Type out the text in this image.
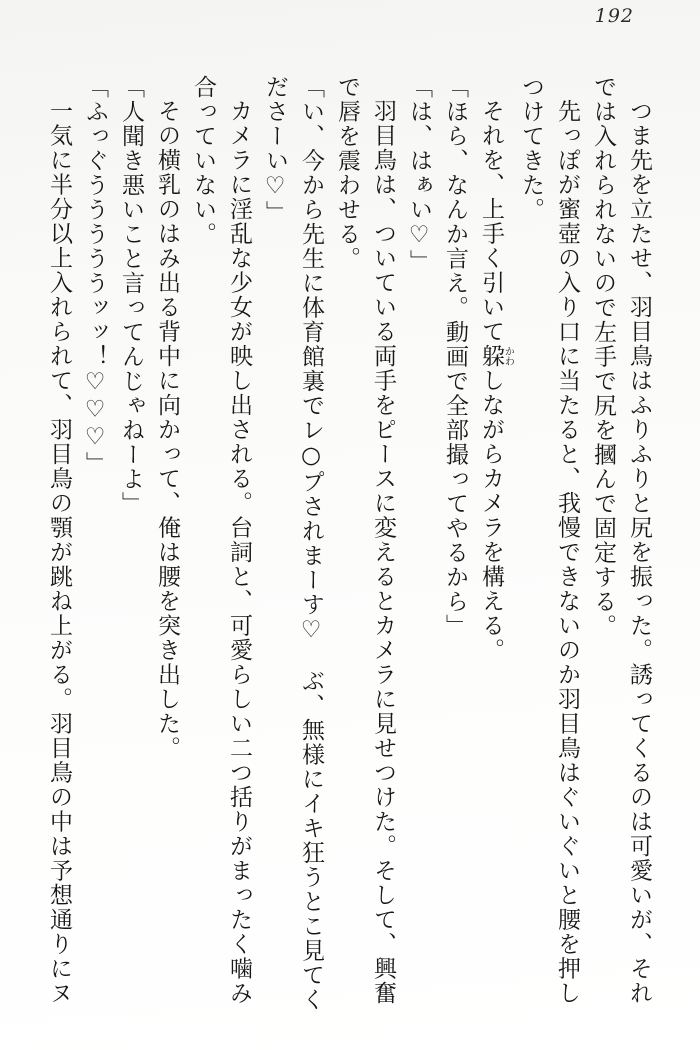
192

つま先を立たせ、羽目鳥はふりふりと尻を振った。誘ってくるのは可愛いが、それ

では入れられないので左手で尻を摑んで固定する。

先っぽが蜜壺の入り口に当たると、我慢できないのか羽目鳥はぐいぐいと腰を押し

つけてきた。

それを、上手く引いて躱かわしながらカメラを構える。

「ほら、なんか言え。動画で全部撮ってやるから」

「は、はぁい♡」

羽目鳥は、ついている両手をピースに変えるとカメラに見せつけた。そして、興奮

で唇を震わせる。

「い、今から先生に体育館裏でレ○プされまーす♡　ぶ、無様にイキ狂うとこ見てく

ださーい♡」

カメラに淫乱な少女が映し出される。台詞と、可愛らしい二つ括りがまったく噛み

合っていない。

その横乳のはみ出る背中に向かって、俺は腰を突き出した。

「人聞き悪いこと言ってんじゃねーよ」

「ふっぐうううううッッ！♡♡♡」

一気に半分以上入れられて、羽目鳥の顎が跳ね上がる。羽目鳥の中は予想通りにヌ
